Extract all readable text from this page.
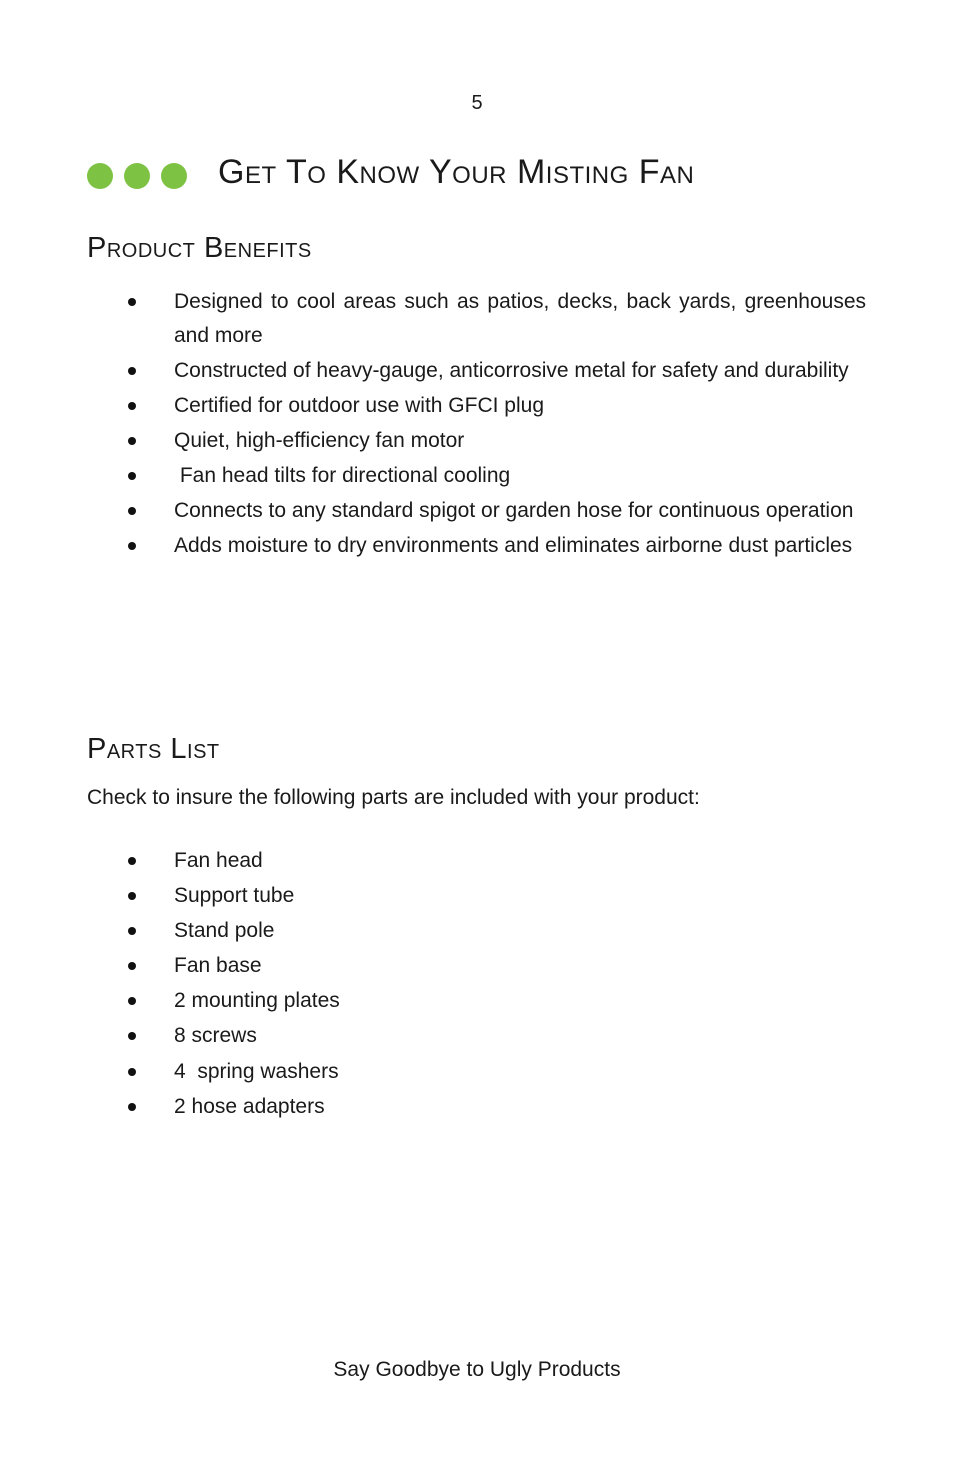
5
Get To Know Your Misting Fan
Product Benefits
Designed to cool areas such as patios, decks, back yards, greenhouses and more
Constructed of heavy-gauge, anticorrosive metal for safety and durability
Certified for outdoor use with GFCI plug
Quiet, high-efficiency fan motor
Fan head tilts for directional cooling
Connects to any standard spigot or garden hose for continuous operation
Adds moisture to dry environments and eliminates airborne dust particles
Parts List

Check to insure the following parts are included with your product:

Fan head
Support tube
Stand pole
Fan base
2 mounting plates
8 screws
4  spring washers
2 hose adapters
Say Goodbye to Ugly Products
